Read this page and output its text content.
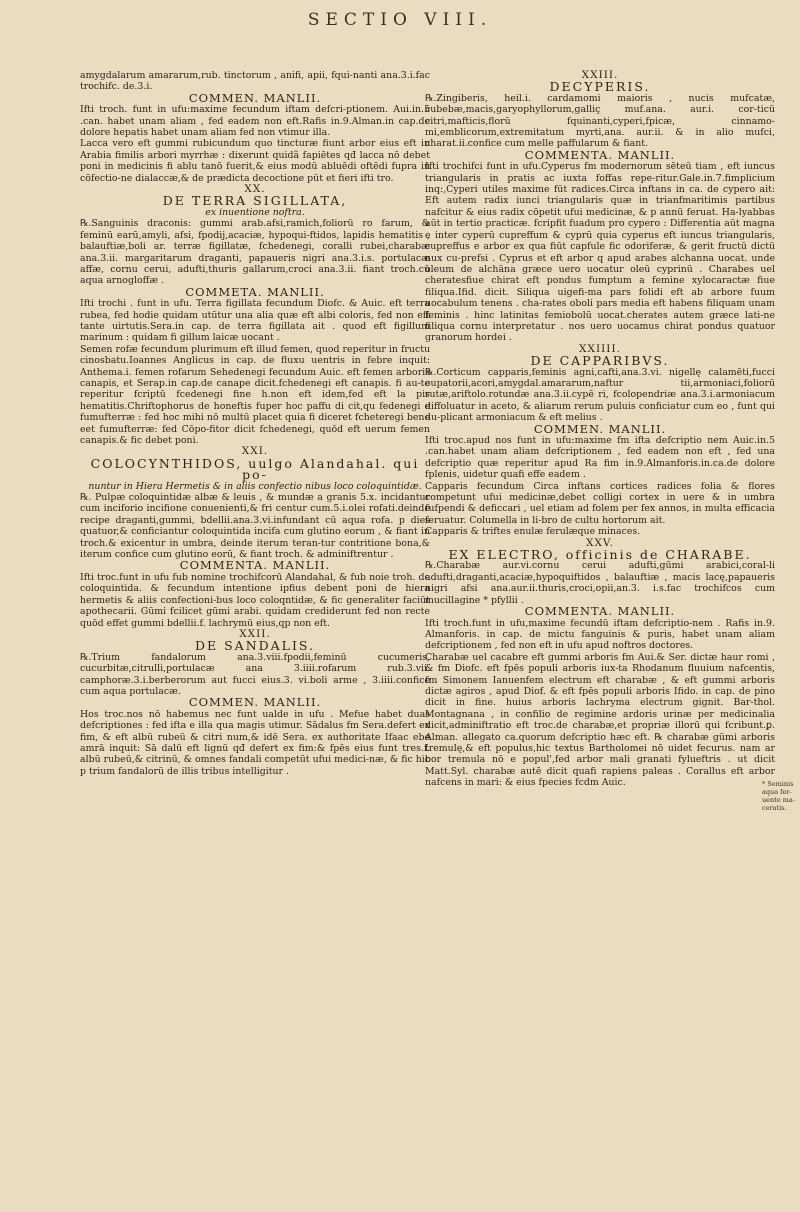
SECTIO VIII.

amygdalarum amararum,rub. tinctorum , anifi, apii, fqui-nanti ana.3.i.fac trochifc. de.3.i.

COMMEN. MANLII.

Ifti troch. funt in ufu:maxime fecundum iftam defcri-ptionem. Aui.in.5 .can. habet unam aliam , fed eadem non eft.Rafis in.9.Alman.in cap.de dolore hepatis habet unam aliam fed non vtimur illa.

Lacca vero eft gummi rubicundum quo tincturæ fiunt arbor eius eft in Arabia fimilis arbori myrrhæ : dixerunt quidã fapiētes qđ lacca nō debet poni in medicinis fi ablu tanō fuerit,& eius modū abluēdi oftēdi fupra in cōfectio-ne dialaccæ,& de prædicta decoctione pūt et fieri ifti tro.

XX.

DE TERRA SIGILLATA,

ex inuentione noftra.

℞.Sanguinis draconis: gummi arab.afsi,ramich,foliorū ro farum, & feminū earū,amyli, afsi, fpodij,acaciæ, hypoqui-ftidos, lapidis hematitis , balauftiæ,boli ar. terræ figillatæ, fchedenegi, coralli rubei,charabæ ana.3.ii. margaritarum draganti, papaueris nigri ana.3.i.s. portulacæ affæ, cornu cerui, adufti,thuris gallarum,croci ana.3.ii. fiant troch.cū aqua arnogloffæ .

COMMETA. MANLII.

Ifti trochi . funt in ufu. Terra figillata fecundum Diofc. & Auic. eft terra rubea, fed hodie quidam utūtur una alia quæ eft albi coloris, fed non eft tante uirtutis.Sera.in cap. de terra figillata ait . quod eft figillum marinum : quidam fi gillum laicæ uocant .

Semen rofæ fecundum plurimum eft illud femen, quod reperitur in fructu cinosbatu.Ioannes Anglicus in cap. de fluxu uentris in febre inquit: Anthema.i. femen rofarum Sehedenegi fecundum Auic. eft femen arboris canapis, et Serap.in cap.de canape dicit.fchedenegi eft canapis. fi au-te reperitur fcriptū fcedenegi fine h.non eft idem,fed eft la pis hematitis.Chriftophorus de honeftis fuper hoc paffu di cit,qu fedenegi e fumufterræ : fed hoc mihi nō multū placet quia fi diceret fcheteregi bene eet fumufterræ: fed Cōpo-fitor dicit fchedenegi, quōd eft uerum femen canapis.& fic debet poni.

XXI.

COLOCYNTHIDOS, uulgo Alandahal. qui po-

nuntur in Hiera Hermetis & in aliis confectio nibus loco coloquintidæ.

℞. Pulpæ coloquintidæ albæ & leuis , & mundæ a granis 5.x. incidantur cum inciforio incifione conuenienti,& fri centur cum.5.i.olei rofati.deinde recipe draganti,gummi, bdellii.ana.3.vi.infundant cū aqua rofa. p dies quatuor,& conficiantur coloquintida incifa cum glutino eorum , & fiant in troch.& exicentur in umbra, deinde iterum teran-tur contritione bona,& iterum confice cum glutino eorū, & fiant troch. & adminiftrentur .

COMMENTA. MANLII.

Ifti troc.funt in ufu fub nomine trochifcorū Alandahal, & fub noie troh. de coloquintida. & fecundum intentione ipfius debent poni de hiera hermetis & aliis confectioni-bus loco coloqntidæ, & fic generaliter faciūt apothecarii. Gūmi fcilicet gūmi arabi. quidam crediderunt fed non recte quōd effet gummi bdellii.f. lachrymū eius,qp non eft.

XXII.

DE SANDALIS.

℞.Trium fandalorum ana.3.viii.fpodii,feminū cucumeris, cucurbitæ,citrulli,portulacæ ana 3.iiii.rofarum rub.3.vii. camphoræ.3.i.berberorum aut fucci eius.3. vi.boli arme , 3.iiii.confice cum aqua portulacæ.

COMMEN. MANLII.

Hos troc.nos nō habemus nec funt ualde in ufu . Mefue habet duas defcriptiones : fed ifta e illa qua magis utimur. Sādalus fm Sera.defert ex fim, & eft albū rubeū & citri num,& idē Sera. ex authoritate Ifaac ebe amrā inquit: Sā dalū eft lignū qđ defert ex fim:& fpēs eius funt tres.f. albū rubeū,& citrinū, & omnes fandali competūt ufui medici-næ, & fic hic p trium fandalorū de illis tribus intelligitur .

XXIII.

DECYPERIS.

℞.Zingiberis, heil.i. cardamomi maioris , nucis mufcatæ, cubebæ,macis,garyophyllorum,galliç muf.ana. aur.i. cor-ticū citri,mafticis,florū fquinanti,cyperi,fpicæ, cinnamo-mi,emblicorum,extremitatum myrti,ana. aur.ii. & in alio mufci, charat.ii.confice cum melle paffularum & fiant.

COMMENTA. MANLII.

Ifti trochifci funt in ufu.Cyperus fm modernorum sēteū tiam , eft iuncus triangularis in pratis ac iuxta foffas repe-ritur.Gale.in.7.fimplicium inq:,Cyperi utiles maxime fūt radices.Circa inftans in ca. de cypero ait: Eft autem radix iunci triangularis quæ in trianfmaritimis partibus nafcitur & eius radix cōpetit ufui medicinæ, & p annū feruat. Ha-lyabbas aūt in tertio practicæ. fcripfit fuadum pro cypero : Differentia aūt magna e inter cyperū cupreffum & cyprū quia cyperus eft iuncus triangularis, cupreffus e arbor ex qua fiūt capfule fic odoriferæ, & gerit fructū dictū nux cu-prefsi . Cyprus et eft arbor q apud arabes alchanna uocat. unde oleum de alchāna græce uero uocatur oleū cyprinū . Charabes uel cheratesfiue chirat eft pondus fumptum a femine xylocaractæ fiue filiqua.Ifid. dicit. Siliqua uigefi-ma pars folidi eft ab arbore fuum uocabulum tenens . cha-rates oboli pars media eft habens filiquam unam feminis . hinc latinitas femiobolū uocat.cherates autem græce lati-ne filiqua cornu interpretatur . nos uero uocamus chirat pondus quatuor granorum hordei .

XXIIII.

DE CAPPARIBVS.

℞.Corticum capparis,feminis agni,cafti,ana.3.vi. nigellę calamēti,fucci eupatorii,acori,amygdal.amararum,naftur tii,armoniaci,foliorū rutæ,ariftolo.rotundæ ana.3.ii.cypē ri, fcolopendriæ ana.3.i.armoniacum diffoluatur in aceto, & aliarum rerum puluis conficiatur cum eo , funt qui du-plicant armoniacum & eft melius .

COMMEN. MANLII.

Ifti troc.apud nos funt in ufu:maxime fm ifta defcriptio nem Auic.in.5 .can.habet unam aliam defcriptionem , fed eadem non eft , fed una defcriptio quæ reperitur apud Ra fim in.9.Almanforis.in.ca.de dolore fplenis, uidetur quafi effe eadem .

Capparis fecundum Circa inftans cortices radices folia & flores competunt ufui medicinæ,debet colligi cortex in uere & in umbra fufpendi & deficcari , uel etiam ad folem per fex annos, in multa efficacia feruatur. Columella in li-bro de cultu hortorum ait.

Capparis & triftes enulæ ferulæque minaces.

XXV.

EX ELECTRO, officinis de CHARABE.

℞.Charabæ aur.vi.cornu cerui adufti,gūmi arabici,coral-li adufti,draganti,acaciæ,hypoquiftidos , balauftiæ , macis lacę,papaueris nigri afsi ana.aur.ii.thuris,croci,opii,an.3. i.s.fac trochifcos cum mucillagine * pfyllii .

COMMENTA. MANLII.

Ifti troch.funt in ufu,maxime fecundū iftam defcriptio-nem . Rafis in.9. Almanforis. in cap. de mictu fanguinis & puris, habet unam aliam defcriptionem , fed non eft in ufu apud noftros doctores.

Charabæ uel cacabre eft gummi arboris fm Aui.& Ser. dictæ haur romi , & fm Diofc. eft fpēs populi arboris iux-ta Rhodanum fluuium nafcentis, fm Simonem Ianuenfem electrum eft charabæ , & eft gummi arboris dictæ agiros , apud Diof. & eft fpēs populi arboris Ifido. in cap. de pino dicit in fine. huius arboris lachryma electrum gignit. Bar-thol. Montagnana , in confilio de regimine ardoris urinæ per medicinalia dicit,adminiftratio eft troc.de charabæ,et propriæ illorū qui fcribunt.ꝑ. Alman. allegato ca.quorum defcriptio hæc eft. ℞ charabæ gūmi arboris tremulę,& eft populus,hic textus Bartholomei nō uidet fecurus. nam ar bor tremula nō e popul',fed arbor mali granati fylueftris . ut dicit Matt.Syl. charabæ autē dicit quafi rapiens paleas . Corallus eft arbor nafcens in mari: & eius fpecies fcdm Auic.	* Seminis aqua fer- uente ma- ceratis.
